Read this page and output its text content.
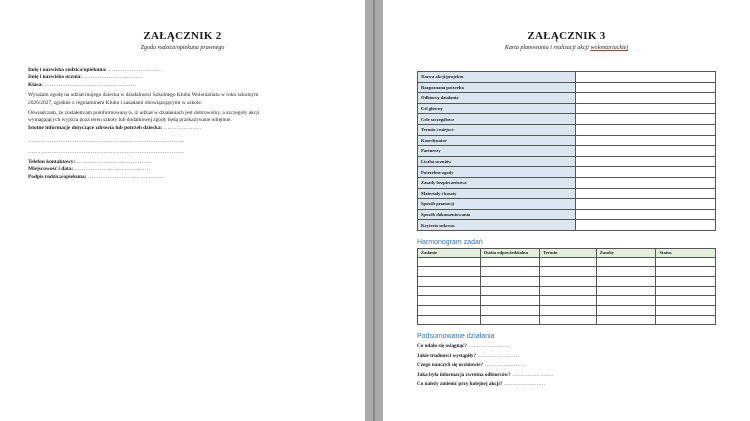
ZAŁĄCZNIK 2
Zgoda rodzica/opiekuna prawnego

Imię i nazwisko rodzica/opiekuna: …………………………

Imię i nazwisko ucznia: ……………………………

Klasa: ……………………………………………

Wyrażam zgodę na udział mojego dziecka w działalności Szkolnego Klubu Wolontariatu w roku szkolnym

2026/2027, zgodnie z regulaminem Klubu i zasadami obowiązującymi w szkole.

Oświadczam, że zostałem/am poinformowany/a, iż udział w działaniach jest dobrowolny, a szczegóły akcji

wymagających wyjścia poza teren szkoły lub dodatkowej zgody będą przekazywane odrębnie.

Istotne informacje dotyczące zdrowia lub potrzeb dziecka: …………………

……………………………………………………………………………

……………………………………………………………………………

Telefon kontaktowy: ……………………………………

Miejscowość i data: ……………………………………

Podpis rodzica/opiekuna: ……………………………………

ZAŁĄCZNIK 3
Karta planowania i realizacji akcji wolontariackiej
Nazwa akcji/projektu	
Rozpoznana potrzeba	
Odbiorcy działania	
Cel główny	
Cele szczegółowe	
Termin i miejsce	
Koordynator	
Partnerzy	
Liczba uczniów	
Potrzebne zgody	
Zasady bezpieczeństwa	
Materiały i koszty	
Sposób promocji	
Sposób dokumentowania	
Kryteria sukcesu	
Harmonogram zadań
Zadanie	Osoba odpowiedzialna	Termin	Zasoby	Status

Podsumowanie działania

Co udało się osiągnąć? ……………………

Jakie trudności wystąpiły? ……………………

Czego nauczyli się uczniowie? ……………………

Jaka była informacja zwrotna odbiorców? ……………………

Co należy zmienić przy kolejnej akcji? ……………………
